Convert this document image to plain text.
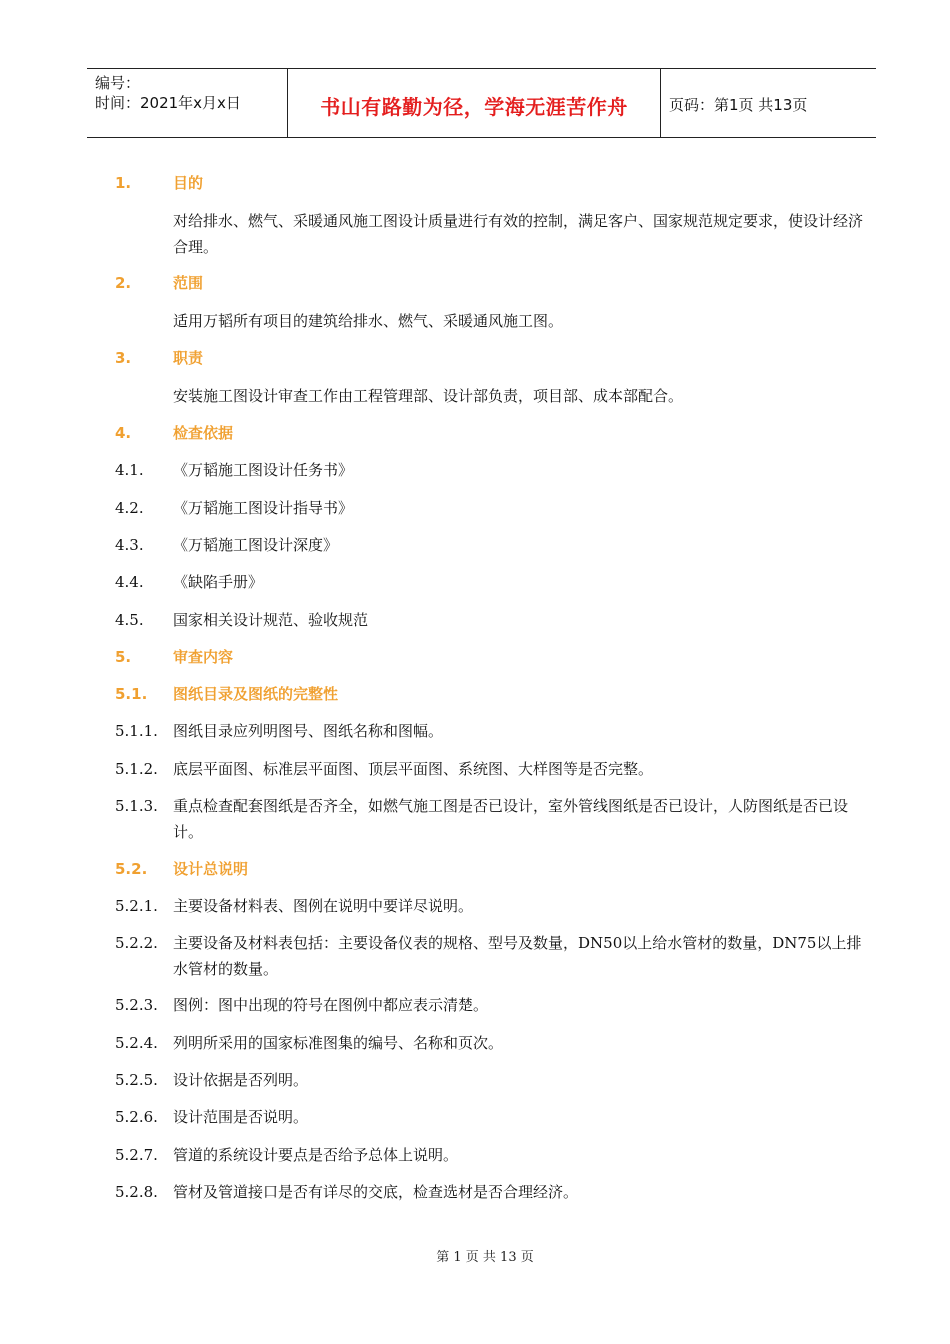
编号：
时间：2021年x月x日	书山有路勤为径，学海无涯苦作舟	页码：第1页 共13页
1.	目的
对给排水、燃气、采暖通风施工图设计质量进行有效的控制，满足客户、国家规范规定要求，使设计经济合理。
2.	范围
适用万韬所有项目的建筑给排水、燃气、采暖通风施工图。
3.	职责
安装施工图设计审查工作由工程管理部、设计部负责，项目部、成本部配合。
4.	检查依据
4.1. 《万韬施工图设计任务书》
4.2. 《万韬施工图设计指导书》
4.3. 《万韬施工图设计深度》
4.4. 《缺陷手册》
4.5. 国家相关设计规范、验收规范
5.	审查内容
5.1. 图纸目录及图纸的完整性
5.1.1. 图纸目录应列明图号、图纸名称和图幅。
5.1.2. 底层平面图、标准层平面图、顶层平面图、系统图、大样图等是否完整。
5.1.3. 重点检查配套图纸是否齐全，如燃气施工图是否已设计，室外管线图纸是否已设计，人防图纸是否已设计。
5.2. 设计总说明
5.2.1. 主要设备材料表、图例在说明中要详尽说明。
5.2.2. 主要设备及材料表包括：主要设备仪表的规格、型号及数量，DN50以上给水管材的数量，DN75以上排水管材的数量。
5.2.3. 图例：图中出现的符号在图例中都应表示清楚。
5.2.4. 列明所采用的国家标准图集的编号、名称和页次。
5.2.5. 设计依据是否列明。
5.2.6. 设计范围是否说明。
5.2.7. 管道的系统设计要点是否给予总体上说明。
5.2.8. 管材及管道接口是否有详尽的交底，检查选材是否合理经济。
第 1 页 共 13 页
